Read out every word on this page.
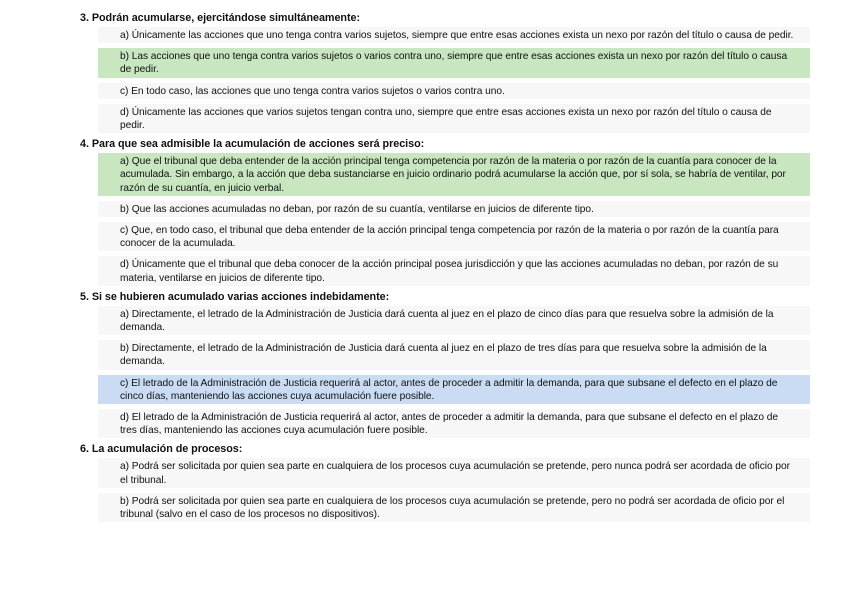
3. Podrán acumularse, ejercitándose simultáneamente:
a) Únicamente las acciones que uno tenga contra varios sujetos, siempre que entre esas acciones exista un nexo por razón del título o causa de pedir.
b) Las acciones que uno tenga contra varios sujetos o varios contra uno, siempre que entre esas acciones exista un nexo por razón del título o causa de pedir.
c) En todo caso, las acciones que uno tenga contra varios sujetos o varios contra uno.
d) Únicamente las acciones que varios sujetos tengan contra uno, siempre que entre esas acciones exista un nexo por razón del título o causa de pedir.
4. Para que sea admisible la acumulación de acciones será preciso:
a) Que el tribunal que deba entender de la acción principal tenga competencia por razón de la materia o por razón de la cuantía para conocer de la acumulada. Sin embargo, a la acción que deba sustanciarse en juicio ordinario podrá acumularse la acción que, por sí sola, se habría de ventilar, por razón de su cuantía, en juicio verbal.
b) Que las acciones acumuladas no deban, por razón de su cuantía, ventilarse en juicios de diferente tipo.
c) Que, en todo caso, el tribunal que deba entender de la acción principal tenga competencia por razón de la materia o por razón de la cuantía para conocer de la acumulada.
d) Únicamente que el tribunal que deba conocer de la acción principal posea jurisdicción y que las acciones acumuladas no deban, por razón de su materia, ventilarse en juicios de diferente tipo.
5. Si se hubieren acumulado varias acciones indebidamente:
a) Directamente, el letrado de la Administración de Justicia dará cuenta al juez en el plazo de cinco días para que resuelva sobre la admisión de la demanda.
b) Directamente, el letrado de la Administración de Justicia dará cuenta al juez en el plazo de tres días para que resuelva sobre la admisión de la demanda.
c) El letrado de la Administración de Justicia requerirá al actor, antes de proceder a admitir la demanda, para que subsane el defecto en el plazo de cinco días, manteniendo las acciones cuya acumulación fuere posible.
d) El letrado de la Administración de Justicia requerirá al actor, antes de proceder a admitir la demanda, para que subsane el defecto en el plazo de tres días, manteniendo las acciones cuya acumulación fuere posible.
6. La acumulación de procesos:
a) Podrá ser solicitada por quien sea parte en cualquiera de los procesos cuya acumulación se pretende, pero nunca podrá ser acordada de oficio por el tribunal.
b) Podrá ser solicitada por quien sea parte en cualquiera de los procesos cuya acumulación se pretende, pero no podrá ser acordada de oficio por el tribunal (salvo en el caso de los procesos no dispositivos).
